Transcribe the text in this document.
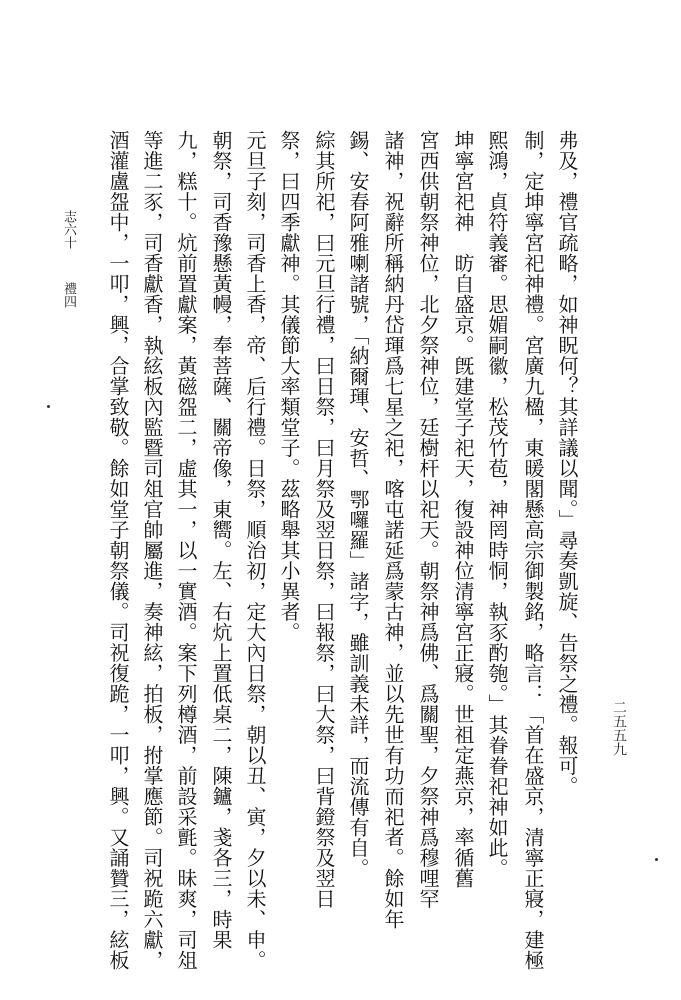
弗及，禮官疏略，如神眖何？其詳議以聞。」尋奏凱旋、告祭之禮。報可。
制，定坤寧宮祀神禮。宮廣九楹，東暖閣懸高宗御製銘，略言：「首在盛京，清寧正寢，建極
熙鴻，貞符義審。思媚嗣徽，松茂竹苞，神罔時恫，執豕酌匏。」其眷眷祀神如此。
坤寧宮祀神　昉自盛京。旣建堂子祀天，復設神位清寧宮正寢。世祖定燕京，率循舊
宮西供朝祭神位，北夕祭神位，廷樹杆以祀天。朝祭神爲佛、爲關聖，夕祭神爲穆哩罕
諸神，祝辭所稱納丹岱琿爲七星之祀，喀屯諾延爲蒙古神，並以先世有功而祀者。餘如年
錫、安春阿雅喇諸號，「納爾琿、安哲、鄂囉羅」諸字，雖訓義未詳，而流傳有自。
綜其所祀，曰元旦行禮，曰日祭，曰月祭及翌日祭，曰報祭，曰大祭，曰背鐙祭及翌日
祭，曰四季獻神。其儀節大率類堂子。茲略舉其小異者。
元旦子刻，司香上香，帝、后行禮。日祭，順治初，定大內日祭，朝以丑、寅，夕以未、申。
朝祭，司香豫懸黃幔，奉菩薩、關帝像，東嚮。左、右炕上置低桌二，陳鑪，戔各三，時果
九，糕十。炕前置獻案，黃磁盌二，虛其一，以一實酒。案下列樽酒，前設采氈。昧爽，司俎
等進二豕，司香獻香，執絃板內監暨司俎官帥屬進，奏神絃，拍板，拊掌應節。司祝跪六獻，
酒灌盧盌中，一叩，興，合掌致敬。餘如堂子朝祭儀。司祝復跪，一叩，興。又誦贊三，絃板
志六十
禮四
二五五九
